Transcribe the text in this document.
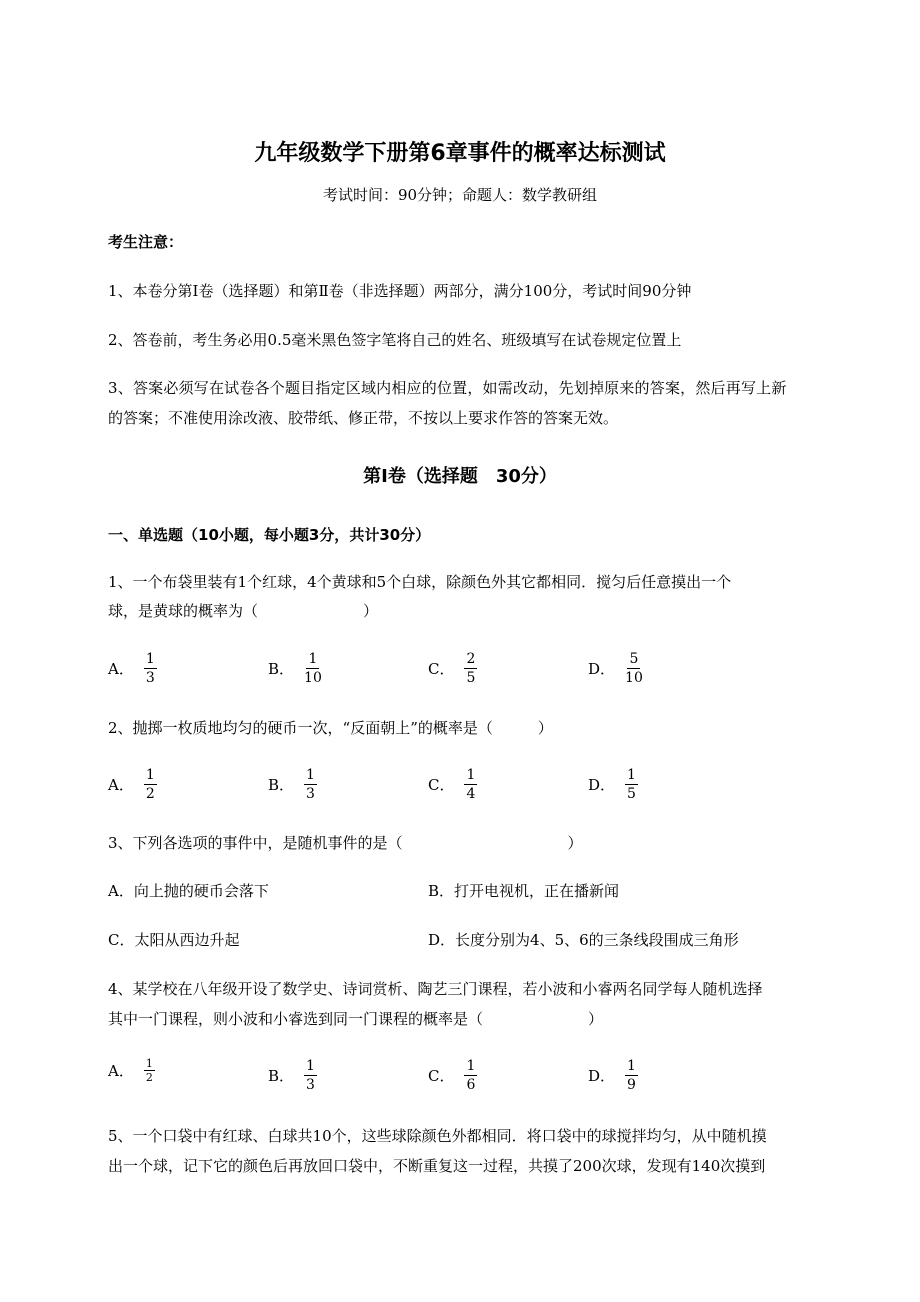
九年级数学下册第6章事件的概率达标测试
考试时间：90分钟；命题人：数学教研组
考生注意：
1、本卷分第Ⅰ卷（选择题）和第Ⅱ卷（非选择题）两部分，满分100分，考试时间90分钟
2、答卷前，考生务必用0.5毫米黑色签字笔将自己的姓名、班级填写在试卷规定位置上
3、答案必须写在试卷各个题目指定区域内相应的位置，如需改动，先划掉原来的答案，然后再写上新
的答案；不准使用涂改液、胶带纸、修正带，不按以上要求作答的答案无效。
第Ⅰ卷（选择题　30分）
一、单选题（10小题，每小题3分，共计30分）
1、一个布袋里装有1个红球，4个黄球和5个白球，除颜色外其它都相同．搅匀后任意摸出一个
球，是黄球的概率为（　　　　　　　）
A． $\frac{1}{3}$	B． $\frac{1}{10}$	C． $\frac{2}{5}$	D． $\frac{5}{10}$
2、抛掷一枚质地均匀的硬币一次，“反面朝上”的概率是（　　　）
A． $\frac{1}{2}$	B． $\frac{1}{3}$	C． $\frac{1}{4}$	D． $\frac{1}{5}$
3、下列各选项的事件中，是随机事件的是（　　　　　　　　　　　）
A．向上抛的硬币会落下	B．打开电视机，正在播新闻
C．太阳从西边升起	D．长度分别为4、5、6的三条线段围成三角形
4、某学校在八年级开设了数学史、诗词赏析、陶艺三门课程，若小波和小睿两名同学每人随机选择
其中一门课程，则小波和小睿选到同一门课程的概率是（　　　　　　　）
A． $\frac{1}{2}$	B． $\frac{1}{3}$	C． $\frac{1}{6}$	D． $\frac{1}{9}$
5、一个口袋中有红球、白球共10个，这些球除颜色外都相同．将口袋中的球搅拌均匀，从中随机摸
出一个球，记下它的颜色后再放回口袋中，不断重复这一过程，共摸了200次球，发现有140次摸到
